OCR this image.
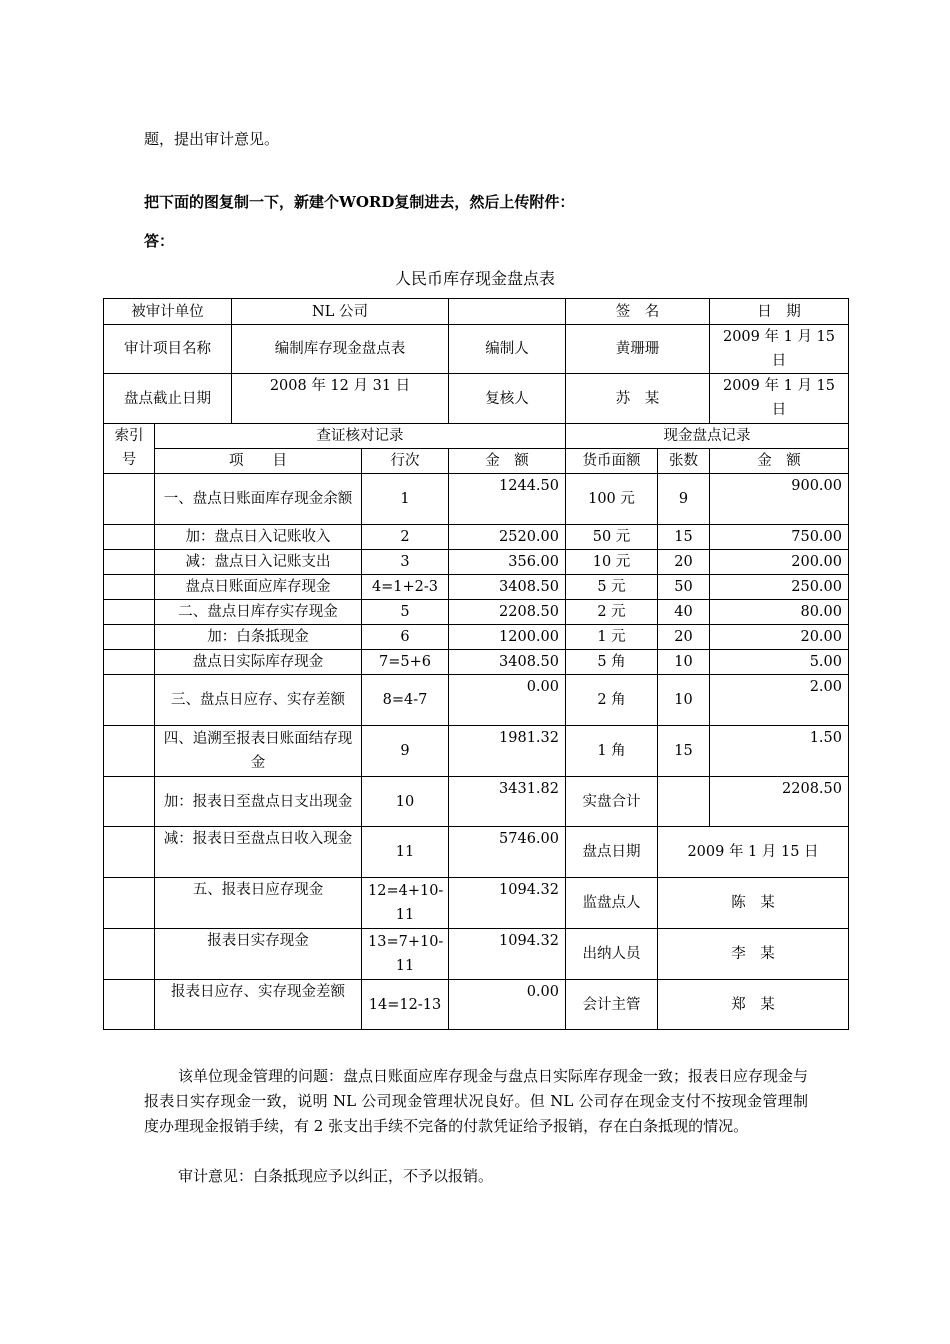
题，提出审计意见。
把下面的图复制一下，新建个WORD复制进去，然后上传附件：
答：
人民币库存现金盘点表
被审计单位		NL 公司			签　名		日　期
审计项目名称		编制库存现金盘点表		编制人	黄珊珊		2009 年 1 月 15 日
盘点截止日期		2008 年 12 月 31 日		复核人	苏　某		2009 年 1 月 15 日
索引号	查证核对记录				现金盘点记录		
	项　　目		行次	金　额	货币面额	张数	金　额
	一、盘点日账面库存现金余额		1	1244.50	100 元	9	900.00
	加：盘点日入记账收入		2	2520.00	50 元	15	750.00
	减：盘点日入记账支出		3	356.00	10 元	20	200.00
	盘点日账面应库存现金		4=1+2-3	3408.50	5 元	50	250.00
	二、盘点日库存实存现金		5	2208.50	2 元	40	80.00
	加：白条抵现金		6	1200.00	1 元	20	20.00
	盘点日实际库存现金		7=5+6	3408.50	5 角	10	5.00
	三、盘点日应存、实存差额		8=4-7	0.00	2 角	10	2.00
	四、追溯至报表日账面结存现金		9	1981.32	1 角	15	1.50
	加：报表日至盘点日支出现金		10	3431.82	实盘合计		2208.50
	减：报表日至盘点日收入现金		11	5746.00	盘点日期	2009 年 1 月 15 日	
	五、报表日应存现金		12=4+10-11	1094.32	监盘点人	陈　某	
	报表日实存现金		13=7+10-11	1094.32	出纳人员	李　某	
	报表日应存、实存现金差额		14=12-13	0.00	会计主管	郑　某	

该单位现金管理的问题：盘点日账面应库存现金与盘点日实际库存现金一致；报表日应存现金与报表日实存现金一致，说明 NL 公司现金管理状况良好。但 NL 公司存在现金支付不按现金管理制度办理现金报销手续，有 2 张支出手续不完备的付款凭证给予报销，存在白条抵现的情况。

审计意见：白条抵现应予以纠正，不予以报销。
